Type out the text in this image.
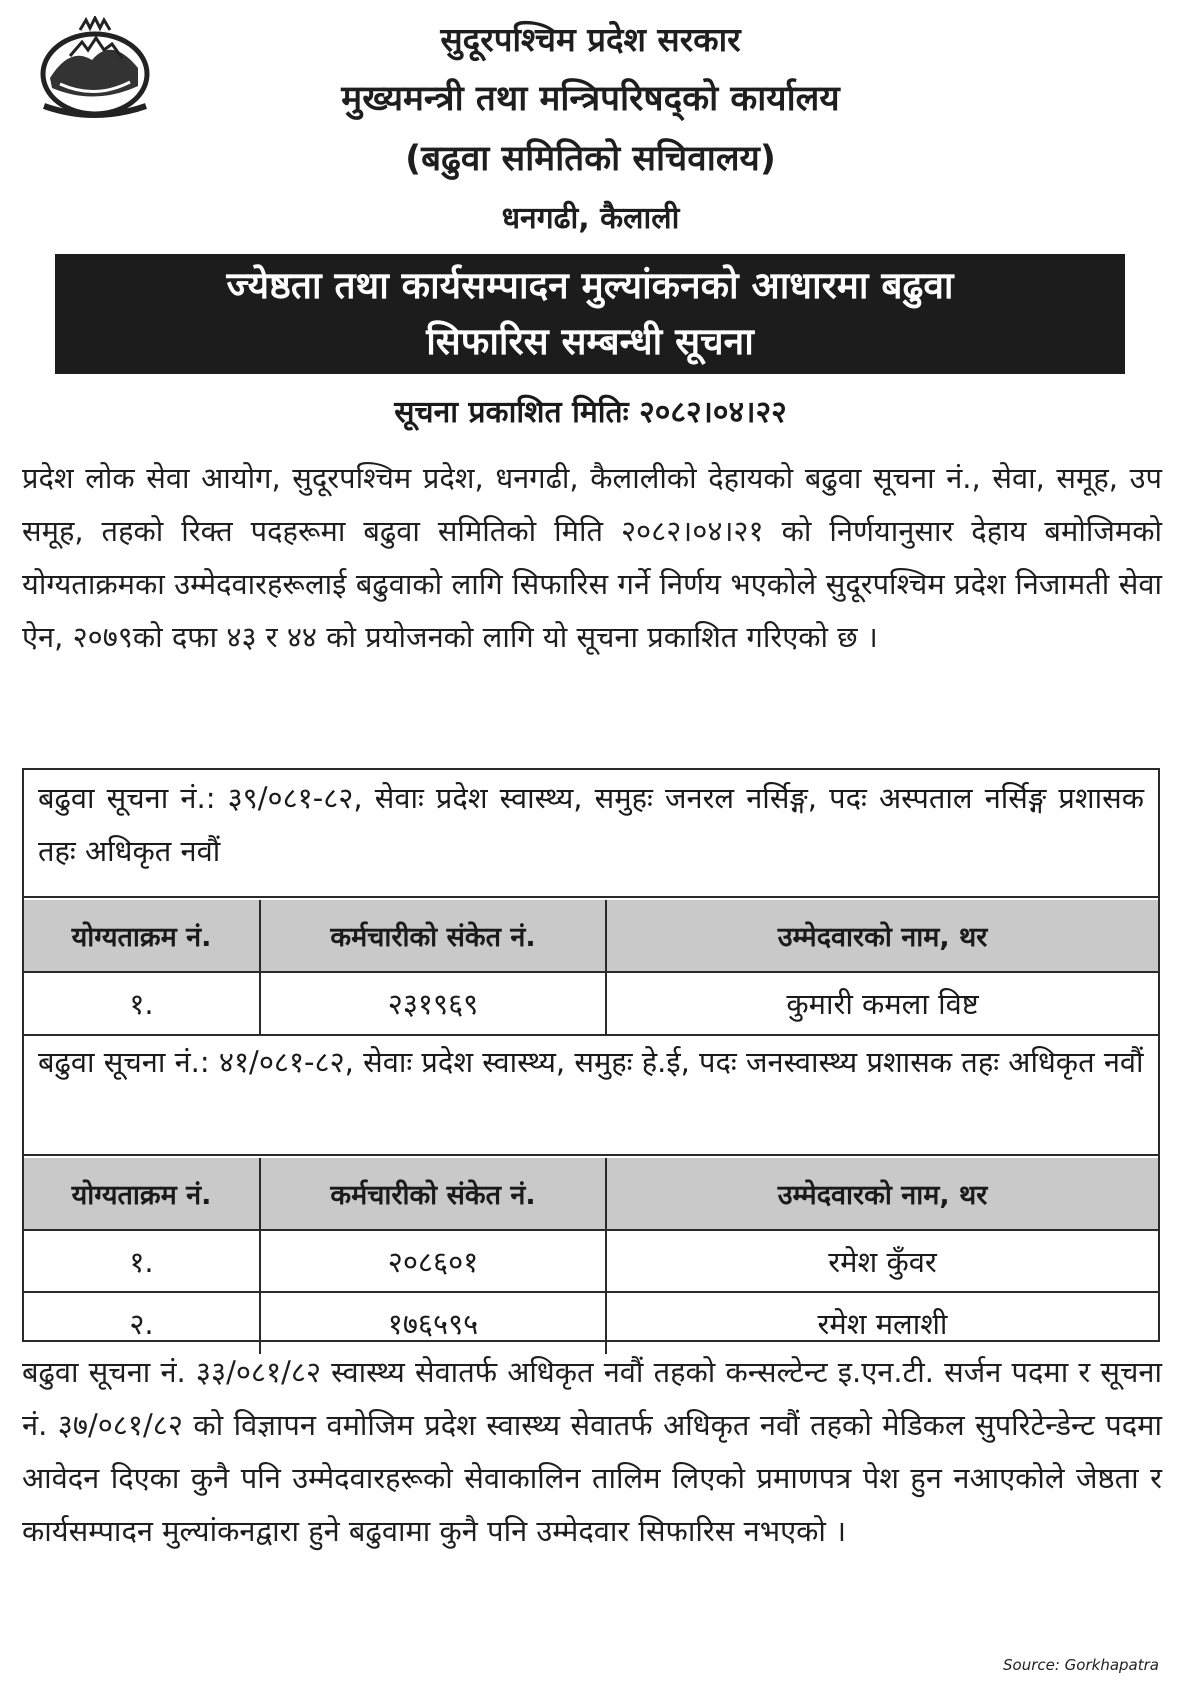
सुदूरपश्चिम प्रदेश सरकार
मुख्यमन्त्री तथा मन्त्रिपरिषद्को कार्यालय
(बढुवा समितिको सचिवालय)
धनगढी, कैलाली
ज्येष्ठता तथा कार्यसम्पादन मुल्यांकनको आधारमा बढुवा
सिफारिस सम्बन्धी सूचना
सूचना प्रकाशित मितिः २०८२।०४।२२
प्रदेश लोक सेवा आयोग, सुदूरपश्चिम प्रदेश, धनगढी, कैलालीको देहायको बढुवा सूचना नं., सेवा, समूह, उप समूह, तहको रिक्त पदहरूमा बढुवा समितिको मिति २०८२।०४।२१ को निर्णयानुसार देहाय बमोजिमको योग्यताक्रमका उम्मेदवारहरूलाई बढुवाको लागि सिफारिस गर्ने निर्णय भएकोले सुदूरपश्चिम प्रदेश निजामती सेवा ऐन, २०७९को दफा ४३ र ४४ को प्रयोजनको लागि यो सूचना प्रकाशित गरिएको छ ।
बढुवा सूचना नं.: ३९/०८१-८२, सेवाः प्रदेश स्वास्थ्य, समुहः जनरल नर्सिङ्ग, पदः अस्पताल नर्सिङ्ग प्रशासक तहः अधिकृत नवौं
योग्यताक्रम नं.	कर्मचारीको संकेत नं.	उम्मेदवारको नाम, थर
१.	२३१९६९	कुमारी कमला विष्ट
बढुवा सूचना नं.: ४१/०८१-८२, सेवाः प्रदेश स्वास्थ्य, समुहः हे.ई, पदः जनस्वास्थ्य प्रशासक तहः अधिकृत नवौं
योग्यताक्रम नं.	कर्मचारीको संकेत नं.	उम्मेदवारको नाम, थर
१.	२०८६०१	रमेश कुँवर
२.	१७६५९५	रमेश मलाशी
बढुवा सूचना नं. ३३/०८१/८२ स्वास्थ्य सेवातर्फ अधिकृत नवौं तहको कन्सल्टेन्ट इ.एन.टी. सर्जन पदमा र सूचना नं. ३७/०८१/८२ को विज्ञापन वमोजिम प्रदेश स्वास्थ्य सेवातर्फ अधिकृत नवौं तहको मेडिकल सुपरिटेन्डेन्ट पदमा आवेदन दिएका कुनै पनि उम्मेदवारहरूको सेवाकालिन तालिम लिएको प्रमाणपत्र पेश हुन नआएकोले जेष्ठता र कार्यसम्पादन मुल्यांकनद्वारा हुने बढुवामा कुनै पनि उम्मेदवार सिफारिस नभएको ।
Source: Gorkhapatra
